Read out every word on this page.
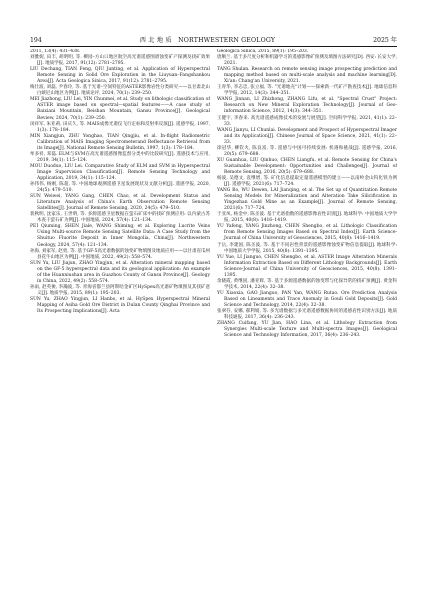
194	西 北 地 质  NORTHWESTERN GEOLOGY	2025 年

2011, 13(4): 431–438.

刘雅妮, 田丰, 胡明明, 等. 柳园–方山口地区航空高光谱遥感图谱蚀变矿产探测及找矿效果[J]. 地质学报, 2017, 91(12): 2781–2795.

LIU Dechang, TIAN Feng, QIU Junting, et al. Application of Hyperspectral Remote Sensing in Solid Ore Exploration in the Liuyuan–Fangshankou Area[J]. Acta Geologica Sinica, 2017, 91(12): 2781–2795.

梅仕波, 刘磊, 尹春玲, 等. 基于光谱–空间特征的ASTER影像岩性分类研究——以甘肃北山白峡尼山地区为例[J]. 地质论评, 2024, 70(1): 239–250.

MEI Jiazhong, LIU Lei, YIN Chunmei, et al. Study on lithologic classification of ASTER image based on spectral—spatial features——A case study of Baixiani Mountain, Beishan Mountain, Gansu Province[J]. Geological Review, 2024, 70(1): 239–250.

闵祥军, 朱亚莉, 田庆久, 等. MAIS成像光谱仪飞行定标和反射率反演[J]. 遥感学报, 1997, 1(3): 178–184.

MIN Xiangjun, ZHU Yonghao, TIAN Qingjiu, et al. In-flight Radiometric Calibration of MAIS Imaging Spectrometerand Reflectance Retrieval from its Image[J]. National Remote Sensing Bulletin, 1997, 1(3): 178–184.

牟多祥, 邓磊. ELM与SVM在高光谱遥感图像监督分类中的比较研究[J]. 遥感技术与应用, 2019, 34(1): 115–124.

MOU Duoduo, LIU Lei. Comparative Study of ELM and SVM in Hyperspectral Image Supervision Classification[J]. Remote Sensing Technology and Application, 2019, 34(1): 115–124.

孙伟伟, 杨刚, 陈超, 等. 中国地球观测遥感卫星发展现状及文献分析[J]. 遥感学报, 2020, 24(5): 479–510.

SUN Weiwei, YANG Gang, CHEN Chao, et al. Development Status and Literature Analysis of China's Earth Observation Remote Sensing Satellites[J]. Journal of Remote Sensing, 2020, 24(5): 479–510.

裴秋明, 沈家乐, 王世明, 等. 多源遥感卫星数据在萤石矿床中的找矿预测应用: 以内蒙古苏木查干萤石矿为例[J]. 中国地质, 2024, 57(4): 121–134.

PEI Qiuming, SHEN Jiale, WANG Shiming, et al. Exploring Lucrite Veins Using Multi-source Remote Sensing Satellite Data: A Case Study from the Shuituo Fluorite Deposit in Inner Mongolia, China[J]. Northwestern Geology, 2024, 57(4): 121–134.

孙海, 刘家军, 赵勇, 等. 基于GF-5高光谱数据的蚀变矿物填图及地质应用——以甘肃省瓜州县花牛山地区为例[J]. 中国地质, 2022, 49(2): 558–574.

SUN Yu, LIU Jiajun, ZHAO Yingjun, et al. Alteration mineral mapping based on the GF-5 hyperspectral data and its geological application: An example of the Huanniushan area in Guazhou County of Gansu Province[J]. Geology in China, 2022, 49(2): 558–574.

孙雨, 赵英俊, 李瀚波, 等. 青海省都兰县阿斯哈金矿区HySpex高光谱矿物填图及其找矿意义[J]. 地质学报, 2015, 89(1): 195–203.

SUN Yu, ZHAO Yingjun, LI Hanbo, et al. HySpex Hyperspectral Mineral Mapping of Asiha Gold Ore District in Dulan County Qinghai Province and Its Prospecting Implications[J]. Acta

Geologica Sinica, 2015, 89(1): 195–203.

唐顺兰. 基于多尺度分析和机器学习的遥感影像矿预测及填图方法研究[D]. 西安: 长安大学, 2021.

TANG Shulan. Research on remote sensing image prospecting prediction and mapping method based on multi-scale analysis and machine learning[D]. Xi'an: Chang'an University, 2021.

王青华, 李志忠, 张立福, 等. "光谱地壳"计划——探索新一代矿产勘查技术[J]. 地球信息科学学报, 2012, 14(3): 344–351.

WANG Jinnan, LI Zhizhong, ZHANG Lifu, et al. "Spectral Crust" Project: Research on New Mineral Exploration Technology[J]. Journal of Geo-information Science, 2012, 14(3): 344–351.

王健宇, 李春来. 高光谱遥感成像技术的发展与展望[J]. 空间科学学报, 2021, 41(1): 22–33.

WANG Jianyu, LI Chunlai. Development and Prospect of Hyperspectral Imager and its Application[J]. Chinese Journal of Space Science, 2021, 41(1): 22–33.

徐冠华, 柳钦火, 陈良富, 等. 遥感与中国可持续发展: 机遇和挑战[J]. 遥感学报, 2016, 20(5): 679–688.

XU Guanhua, LIU Qinhuo, CHEN Liangfu, et al. Remote Sensing for China's Sustainable Development: Opportunities and Challenges[J]. Journal of Remote Sensing, 2016, 20(5): 679–688.

杨波, 吴德文, 袁继增, 等. 矿化信息提取定量遥感模型的建立——以南岭金山钨化铁为例[J]. 遥感学报, 2021(6): 717–724.

YANG Bo, WU Dewen, LAI Jianqing, et al. The Set up of Quantitation Remote Sensing Models for Mineralization and Alteration Take Silicification in Yingezhan Gold Mine as an Example[J]. Journal of Remote Sensing, 2021(6): 717–724.

于亚凤, 杨金中, 陈圣波. 基于光谱指数的遥感影像岩性识别[J]. 地球科学: 中国地质大学学报, 2015, 40(8): 1416–1419.

YU Yafeng, YANG Jinzhong, CHEN Shengbo, et al. Lithologic Classification from Remote Sensing Images Based on Spectral Index[J]. Earth Science-Journal of China University of Geosciences, 2015, 40(8): 1416–1419.

于岳, 李建国, 陈圣波, 等. 基于不同岩性背景的遥感影像蚀变矿物信息提取[J]. 地球科学: 中国地质大学学报, 2015, 40(8): 1391–1395.

YU Yue, LI Jianguo, CHEN Shengbo, et al. ASTER Image Alteration Minerals Information Extraction Based on Different Lithology Backgrounds[J]. Earth Science-Journal of China University of Geosciences, 2015, 40(8): 1391–1395.

余晓霞, 黄继国, 潘亚辉, 等. 基于多源遥感数据的蚀变带与化探异常的找矿预测[J]. 黄金科学技术, 2014, 22(4): 32–38.

YU Xiaoxia, GAO Jianguo, PAN Yan, WANG Rutao. Ore Prediction Analysis Based on Lineaments and Trace Anomaly in Gouli Gold Deposits[J]. Gold Science and Technology, 2014, 22(4): 32–38.

张翠芬, 安娜, 郝利娟, 等. 多光谱数据与多光谱遥感数据协同的遥感岩性识别方法[J]. 地质科技通报, 2017, 36(4): 236–243.

ZHANG Cuifang, YU Jian, HAO Lina, et al. Lithology Extraction from Synergies Multi-scale Texture and Multi-spectra Images[J]. Geological Science and Technology Information, 2017, 36(4): 236–243.
